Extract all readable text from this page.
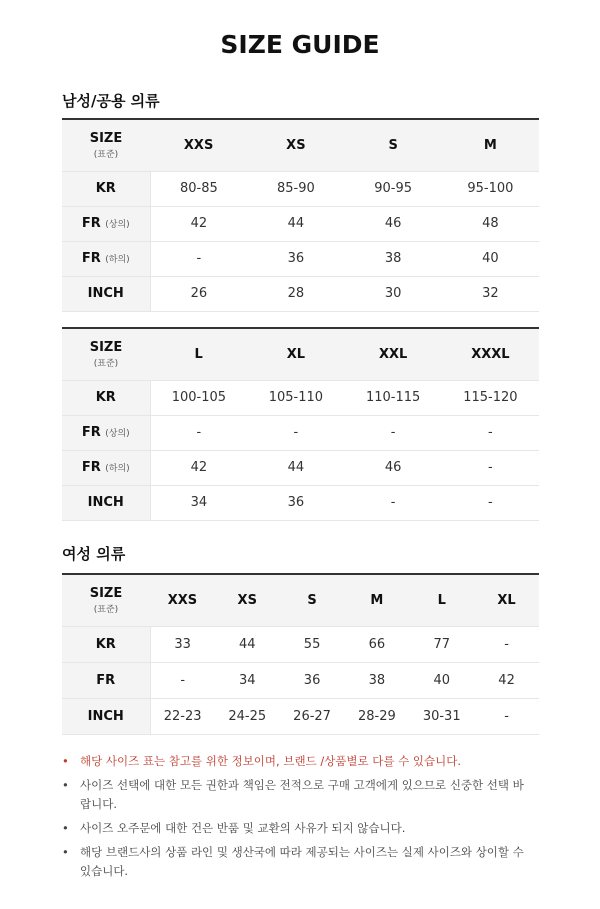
SIZE GUIDE
남성/공용 의류
SIZE
(표준)	XXS	XS	S	M
KR	80-85	85-90	90-95	95-100
FR (상의)	42	44	46	48
FR (하의)	-	36	38	40
INCH	26	28	30	32
SIZE
(표준)	L	XL	XXL	XXXL
KR	100-105	105-110	110-115	115-120
FR (상의)	-	-	-	-
FR (하의)	42	44	46	-
INCH	34	36	-	-
여성 의류
SIZE
(표준)	XXS	XS	S	M	L	XL
KR	33	44	55	66	77	-
FR	-	34	36	38	40	42
INCH	22-23	24-25	26-27	28-29	30-31	-
• 해당 사이즈 표는 참고를 위한 정보이며, 브랜드 /상품별로 다를 수 있습니다.
• 사이즈 선택에 대한 모든 권한과 책임은 전적으로 구매 고객에게 있으므로 신중한 선택 바랍니다.
• 사이즈 오주문에 대한 건은 반품 및 교환의 사유가 되지 않습니다.
• 해당 브랜드사의 상품 라인 및 생산국에 따라 제공되는 사이즈는 실제 사이즈와 상이할 수 있습니다.
